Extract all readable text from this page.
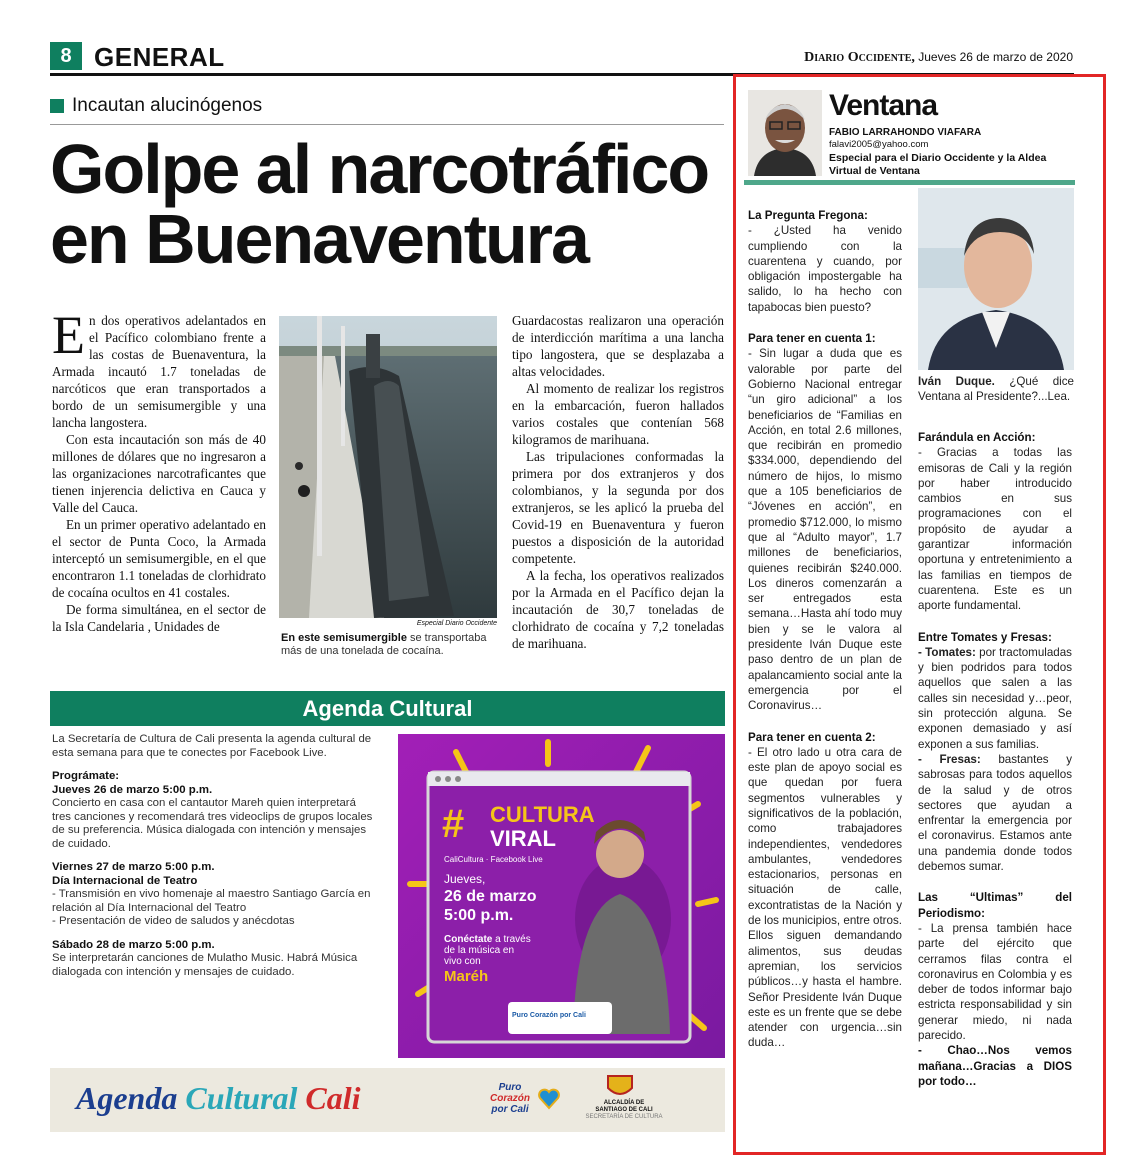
8 GENERAL	Diario Occidente, Jueves 26 de marzo de 2020
Incautan alucinógenos
Golpe al narcotráfico en Buenaventura

En dos operativos adelantados en el Pacífico colombiano frente a las costas de Buenaventura, la Armada incautó 1.7 toneladas de narcóticos que eran transportados a bordo de un semisumergible y una lancha langostera.

Con esta incautación son más de 40 millones de dólares que no ingresaron a las organizaciones narcotraficantes que tienen injerencia delictiva en Cauca y Valle del Cauca.

En un primer operativo adelantado en el sector de Punta Coco, la Armada interceptó un semisumergible, en el que encontraron 1.1 toneladas de clorhidrato de cocaína ocultos en 41 costales.

De forma simultánea, en el sector de la Isla Candelaria , Unidades de	Especial Diario Occidente
En este semisumergible se transportaba más de una tonelada de cocaína.

Guardacostas realizaron una operación de interdicción marítima a una lancha tipo langostera, que se desplazaba a altas velocidades.

Al momento de realizar los registros en la embarcación, fueron hallados varios costales que contenían 568 kilogramos de marihuana.

Las tripulaciones conformadas la primera por dos extranjeros y dos colombianos, y la segunda por dos extranjeros, se les aplicó la prueba del Covid-19 en Buenaventura y fueron puestos a disposición de la autoridad competente.

A la fecha, los operativos realizados por la Armada en el Pacífico dejan la incautación de 30,7 toneladas de clorhidrato de cocaína y 7,2 toneladas de marihuana.

Agenda Cultural

La Secretaría de Cultura de Cali presenta la agenda cultural de esta semana para que te conectes por Facebook Live.

Prográmate:

Jueves 26 de marzo 5:00 p.m.

Concierto en casa con el cantautor Mareh quien interpretará tres canciones y recomendará tres videoclips de grupos locales de su preferencia. Música dialogada con intención y mensajes de cuidado.

Viernes 27 de marzo 5:00 p.m.

Día Internacional de Teatro

- Transmisión en vivo homenaje al maestro Santiago García en relación al Día Internacional del Teatro

- Presentación de video de saludos y anécdotas

Sábado 28 de marzo 5:00 p.m.

Se interpretarán canciones de Mulatho Music. Habrá Música dialogada con intención y mensajes de cuidado.

# CULTURA
VIRAL
CaliCultura · Facebook Live
Jueves,
26 de marzo
5:00 p.m.
Conéctate a través de la música en vivo con
Maréh
Puro Corazón por Cali
Agenda Cultural Cali	Puro
Corazón
por Cali
ALCALDÍA DE
SANTIAGO DE CALI
SECRETARÍA DE CULTURA
Ventana
FABIO LARRAHONDO VIAFARA
falavi2005@yahoo.com
Especial para el Diario Occidente y la Aldea Virtual de Ventana

La Pregunta Fregona:

- ¿Usted ha venido cumpliendo con la cuarentena y cuando, por obligación impostergable ha salido, lo ha hecho con tapabocas bien puesto?

Para tener en cuenta 1:

- Sin lugar a duda que es valorable por parte del Gobierno Nacional entregar “un giro adicional” a los beneficiarios de “Familias en Acción, en total 2.6 millones, que recibirán en promedio $334.000, dependiendo del número de hijos, lo mismo que a 105 beneficiarios de “Jóvenes en acción”, en promedio $712.000, lo mismo que al “Adulto mayor”, 1.7 millones de beneficiarios, quienes recibirán $240.000. Los dineros comenzarán a ser entregados esta semana…Hasta ahí todo muy bien y se le valora al presidente Iván Duque este paso dentro de un plan de apalancamiento social ante la emergencia por el Coronavirus…

Para tener en cuenta 2:

- El otro lado u otra cara de este plan de apoyo social es que quedan por fuera segmentos vulnerables y significativos de la población, como trabajadores independientes, vendedores ambulantes, vendedores estacionarios, personas en situación de calle, excontratistas de la Nación y de los municipios, entre otros. Ellos siguen demandando alimentos, sus deudas apremian, los servicios públicos…y hasta el hambre. Señor Presidente Iván Duque este es un frente que se debe atender con urgencia…sin duda…

Iván Duque. ¿Qué dice Ventana al Presidente?...Lea.

Farándula en Acción:

- Gracias a todas las emisoras de Cali y la región por haber introducido cambios en sus programaciones con el propósito de ayudar a garantizar información oportuna y entretenimiento a las familias en tiempos de cuarentena. Este es un aporte fundamental.

Entre Tomates y Fresas:

- Tomates: por tractomuladas y bien podridos para todos aquellos que salen a las calles sin necesidad y…peor, sin protección alguna. Se exponen demasiado y así exponen a sus familias.

- Fresas: bastantes y sabrosas para todos aquellos de la salud y de otros sectores que ayudan a enfrentar la emergencia por el coronavirus. Estamos ante una pandemia donde todos debemos sumar.

Las “Ultimas” del Periodismo:

- La prensa también hace parte del ejército que cerramos filas contra el coronavirus en Colombia y es deber de todos informar bajo estricta responsabilidad y sin generar miedo, ni nada parecido.

- Chao…Nos vemos mañana…Gracias a DIOS por todo…
